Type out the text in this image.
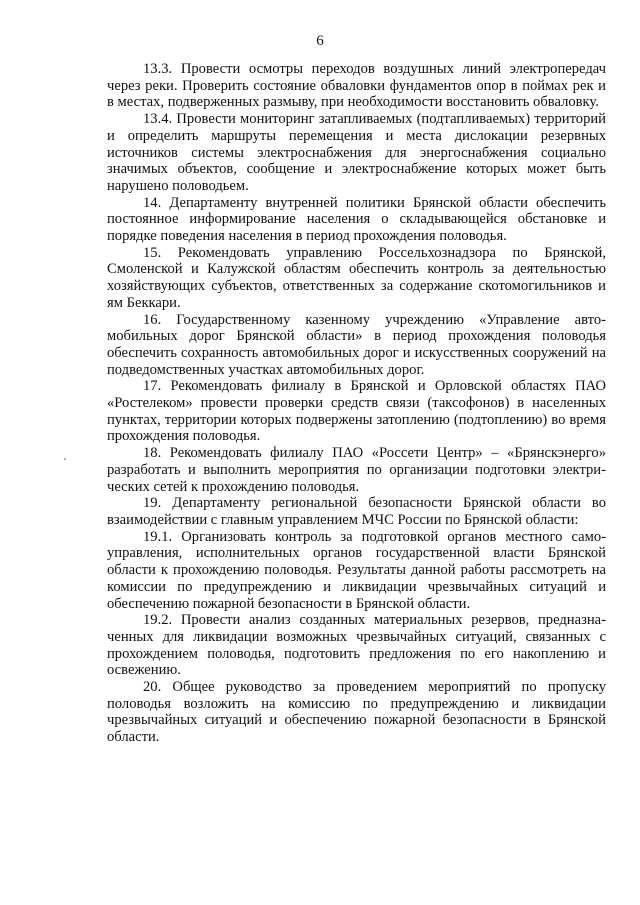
6

13.3. Провести осмотры переходов воздушных линий электропередач через реки. Проверить состояние обваловки фундаментов опор в поймах рек и в местах, подверженных размыву, при необходимости восстановить обваловку.

13.4. Провести мониторинг затапливаемых (подтапливаемых) территорий и определить маршруты перемещения и места дислокации резервных источников системы электроснабжения для энергоснабжения социально значимых объектов, сообщение и электроснабжение которых может быть нарушено половодьем.

14. Департаменту внутренней политики Брянской области обеспечить постоянное информирование населения о складывающейся обстановке и порядке поведения населения в период прохождения половодья.

15. Рекомендовать управлению Россельхознадзора по Брянской, Смоленской и Калужской областям обеспечить контроль за деятельностью хозяйствующих субъектов, ответственных за содержание скотомогильников и ям Беккари.

16. Государственному казенному учреждению «Управление автомобильных дорог Брянской области» в период прохождения половодья обеспечить сохранность автомобильных дорог и искусственных сооружений на подведомственных участках автомобильных дорог.

17. Рекомендовать филиалу в Брянской и Орловской областях ПАО «Ростелеком» провести проверки средств связи (таксофонов) в населенных пунктах, территории которых подвержены затоплению (подтоплению) во время прохождения половодья.

18. Рекомендовать филиалу ПАО «Россети Центр» – «Брянскэнерго» разработать и выполнить мероприятия по организации подготовки электрических сетей к прохождению половодья.

19. Департаменту региональной безопасности Брянской области во взаимодействии с главным управлением МЧС России по Брянской области:

19.1. Организовать контроль за подготовкой органов местного самоуправления, исполнительных органов государственной власти Брянской области к прохождению половодья. Результаты данной работы рассмотреть на комиссии по предупреждению и ликвидации чрезвычайных ситуаций и обеспечению пожарной безопасности в Брянской области.

19.2. Провести анализ созданных материальных резервов, предназначенных для ликвидации возможных чрезвычайных ситуаций, связанных с прохождением половодья, подготовить предложения по его накоплению и освежению.

20. Общее руководство за проведением мероприятий по пропуску половодья возложить на комиссию по предупреждению и ликвидации чрезвычайных ситуаций и обеспечению пожарной безопасности в Брянской области.
